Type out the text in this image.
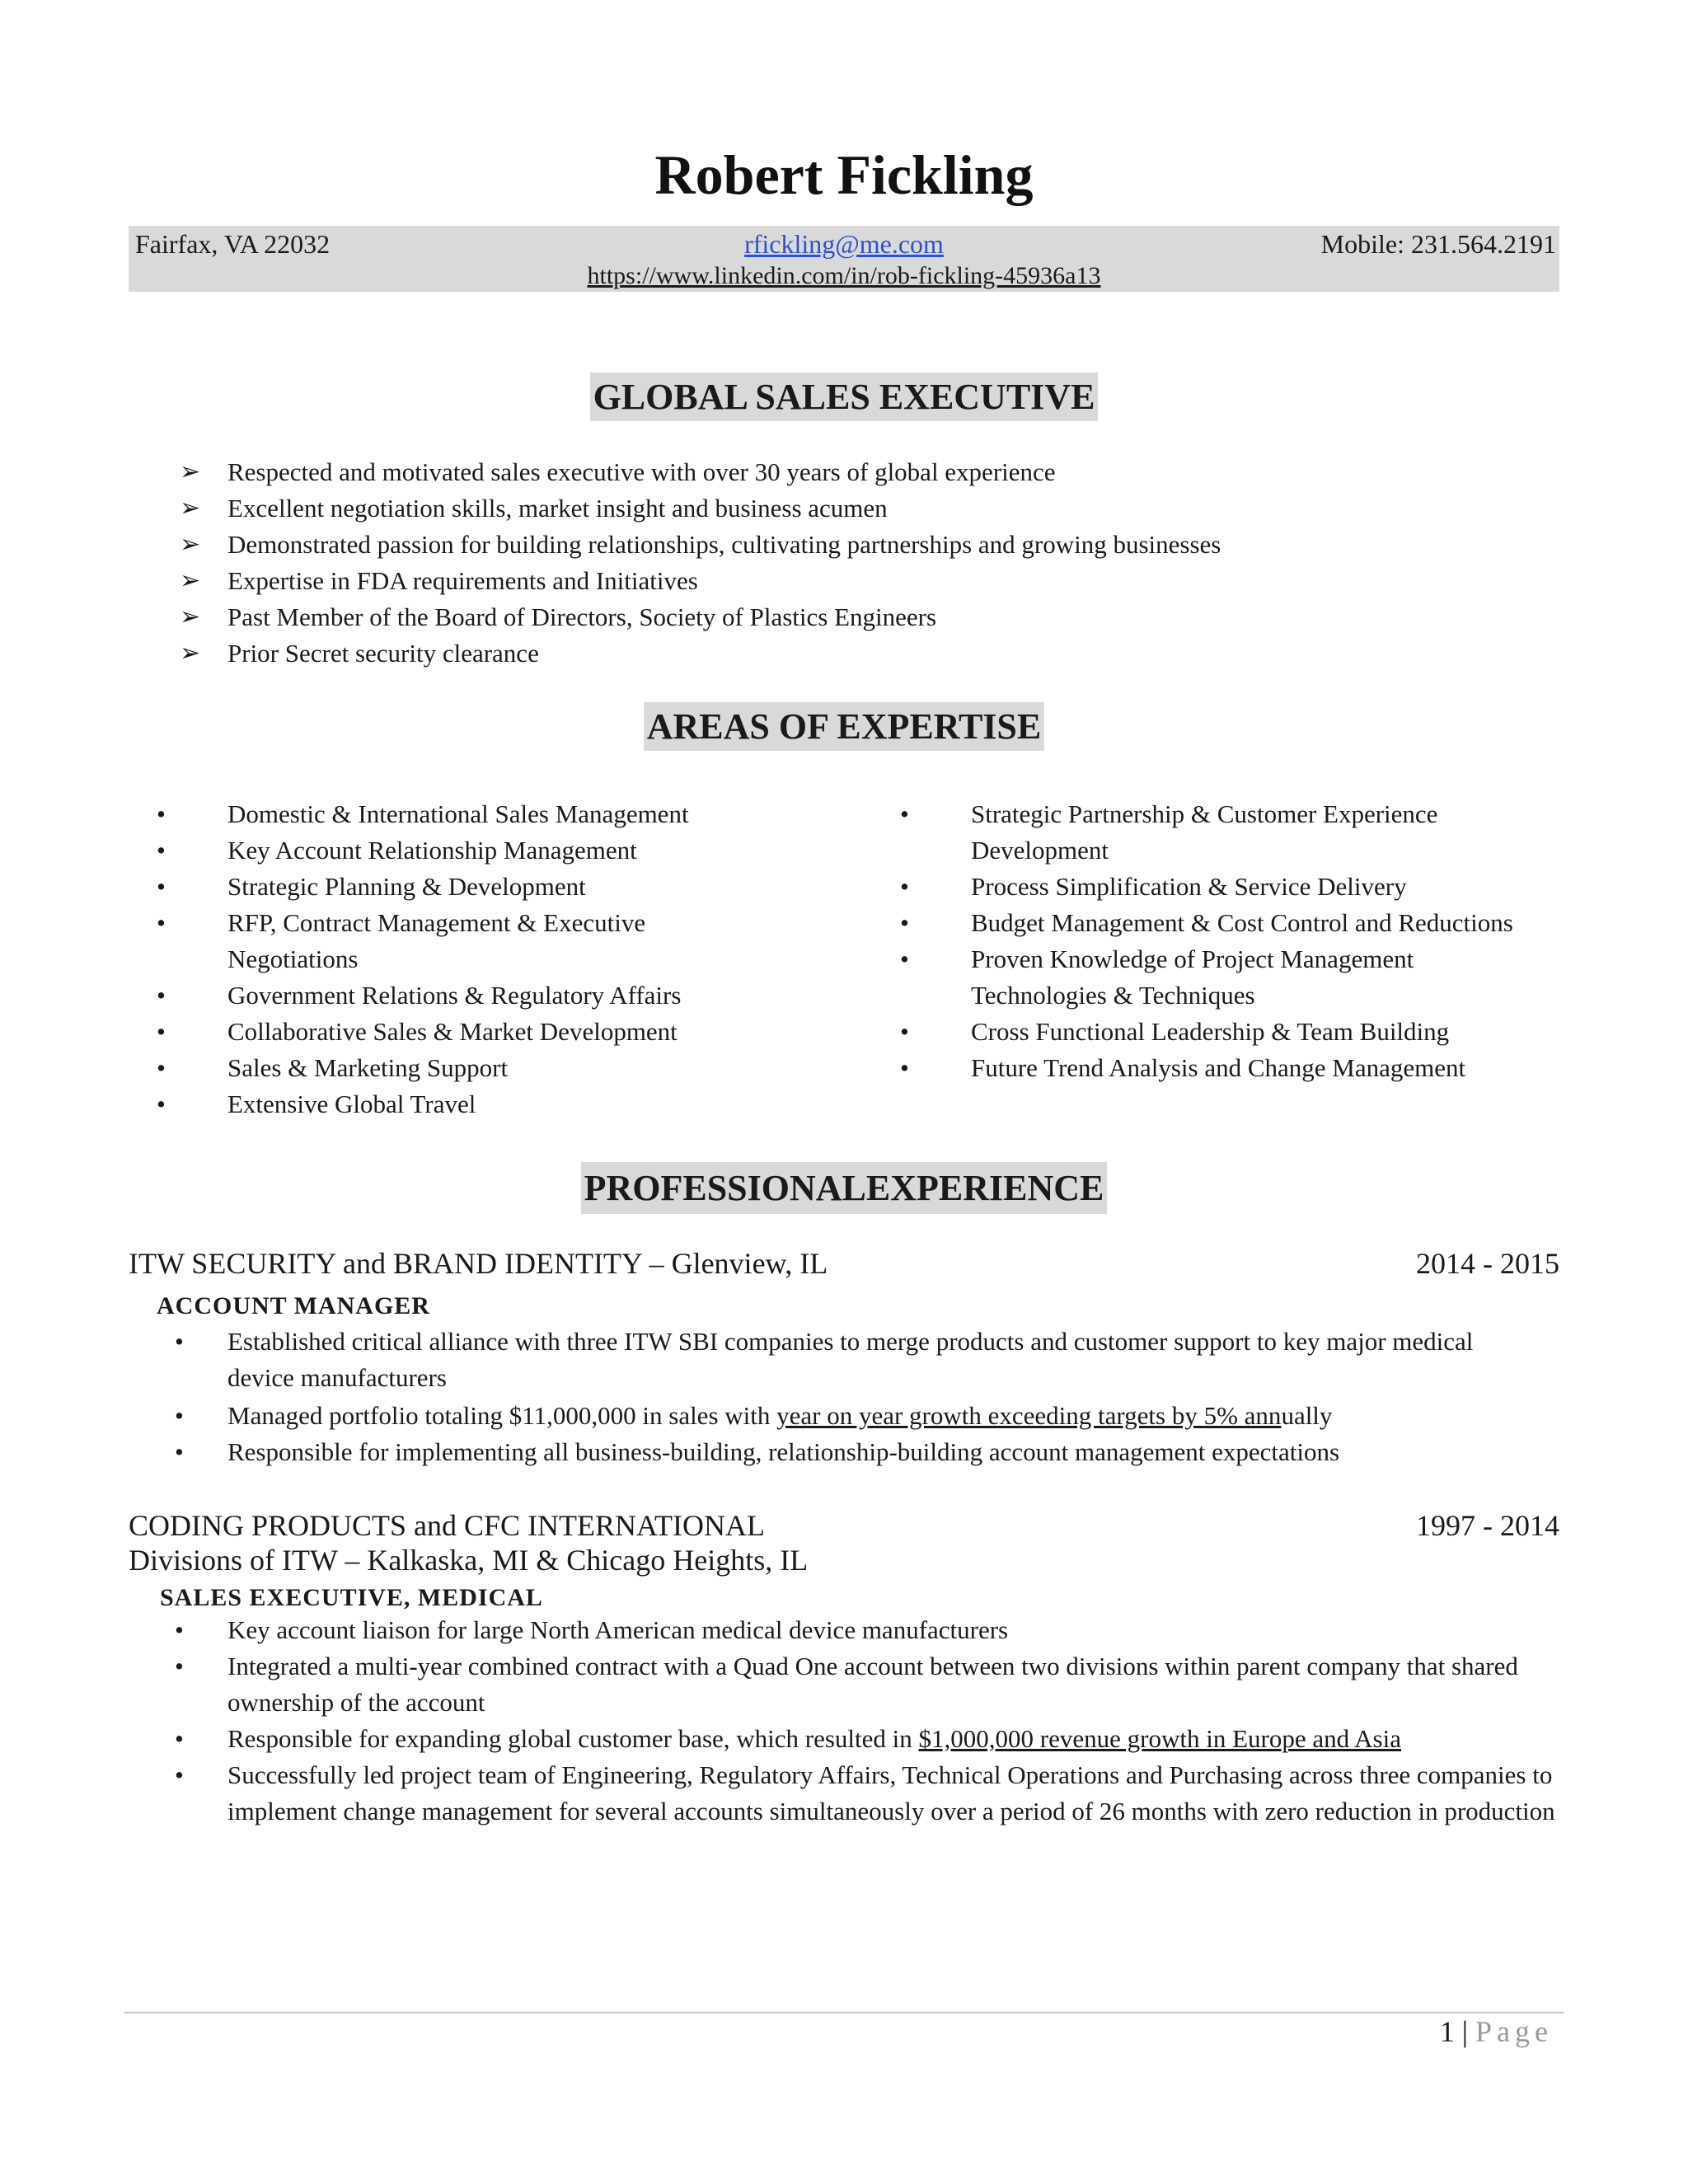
Robert Fickling
Fairfax, VA 22032	rfickling@me.com	Mobile: 231.564.2191
https://www.linkedin.com/in/rob-fickling-45936a13
GLOBAL SALES EXECUTIVE
➢ Respected and motivated sales executive with over 30 years of global experience
➢ Excellent negotiation skills, market insight and business acumen
➢ Demonstrated passion for building relationships, cultivating partnerships and growing businesses
➢ Expertise in FDA requirements and Initiatives
➢ Past Member of the Board of Directors, Society of Plastics Engineers
➢ Prior Secret security clearance
AREAS OF EXPERTISE
• Domestic & International Sales Management
• Key Account Relationship Management
• Strategic Planning & Development
• RFP, Contract Management & Executive Negotiations
• Government Relations & Regulatory Affairs
• Collaborative Sales & Market Development
• Sales & Marketing Support
• Extensive Global Travel
• Strategic Partnership & Customer Experience Development
• Process Simplification & Service Delivery
• Budget Management & Cost Control and Reductions
• Proven Knowledge of Project Management Technologies & Techniques
• Cross Functional Leadership & Team Building
• Future Trend Analysis and Change Management
PROFESSIONALEXPERIENCE
ITW SECURITY and BRAND IDENTITY – Glenview, IL	2014 - 2015
ACCOUNT MANAGER
• Established critical alliance with three ITW SBI companies to merge products and customer support to key major medical device manufacturers
• Managed portfolio totaling $11,000,000 in sales with year on year growth exceeding targets by 5% annually
• Responsible for implementing all business-building, relationship-building account management expectations
CODING PRODUCTS and CFC INTERNATIONAL	1997 - 2014
Divisions of ITW – Kalkaska, MI & Chicago Heights, IL
SALES EXECUTIVE, MEDICAL
• Key account liaison for large North American medical device manufacturers
• Integrated a multi-year combined contract with a Quad One account between two divisions within parent company that shared ownership of the account
• Responsible for expanding global customer base, which resulted in $1,000,000 revenue growth in Europe and Asia
• Successfully led project team of Engineering, Regulatory Affairs, Technical Operations and Purchasing across three companies to implement change management for several accounts simultaneously over a period of 26 months with zero reduction in production
1 | Page
